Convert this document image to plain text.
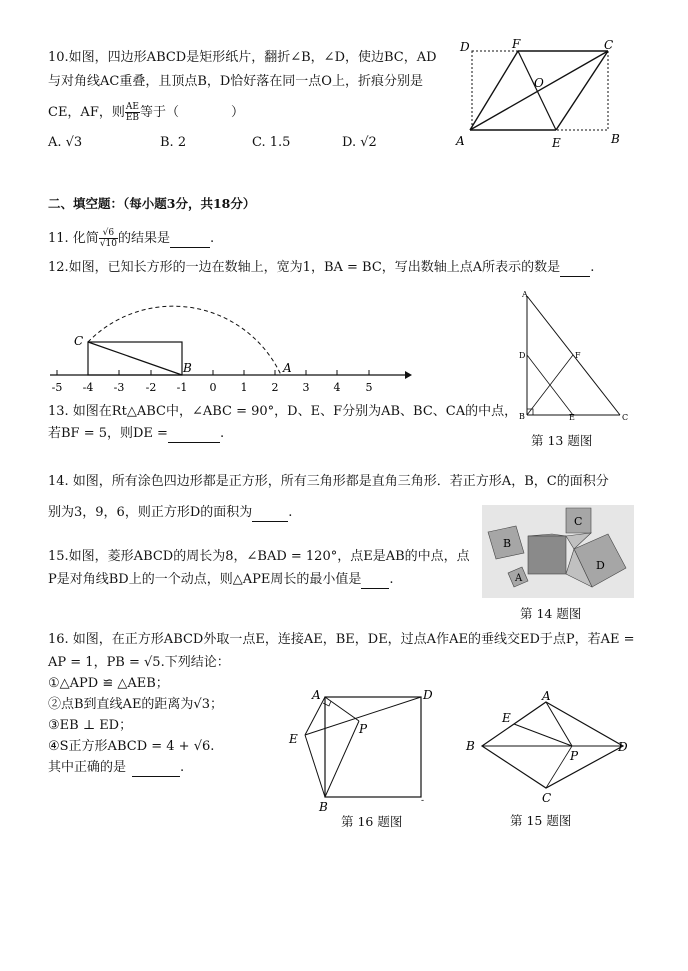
10.如图，四边形ABCD是矩形纸片，翻折∠B，∠D，使边BC，AD
与对角线AC重叠，且顶点B，D恰好落在同一点O上，折痕分别是
CE，AF，则 $\frac{AE}{EB}$ 等于（　　　　）
A. √3	B. 2	C. 1.5	D. √2
D	F	C
O
A	E	B
二、填空题：（每小题3分，共18分）
11. 化简 $\frac{√6}{√10}$ 的结果是	.
12.如图，已知长方形的一边在数轴上，宽为1，BA = BC，写出数轴上点A所表示的数是 .
-5 -4 -3 -2 -1 0 1 2 3 4 5
C
B	A
13. 如图在Rt△ABC中，∠ABC = 90°，D、E、F分别为AB、BC、CA的中点，
若BF = 5，则DE =	.
A
D	F
B	E	C
第 13 题图
14. 如图，所有涂色四边形都是正方形，所有三角形都是直角三角形．若正方形A，B，C的面积分
别为3，9，6，则正方形D的面积为	.
B
C
A
D
第 14 题图
15.如图，菱形ABCD的周长为8，∠BAD = 120°，点E是AB的中点，点
P是对角线BD上的一个动点，则△APE周长的最小值是 .
16. 如图，在正方形ABCD外取一点E，连接AE，BE，DE，过点A作AE的垂线交ED于点P，若AE =
AP = 1，PB = √5.下列结论：
①△APD ≌ △AEB；
②点B到直线AE的距离为√3；
③EB ⊥ ED；
④S正方形ABCD = 4 + √6.
其中正确的是	.
A	D
P
E
B	-
第 16 题图
A
E
B
P
D
C
第 15 题图
